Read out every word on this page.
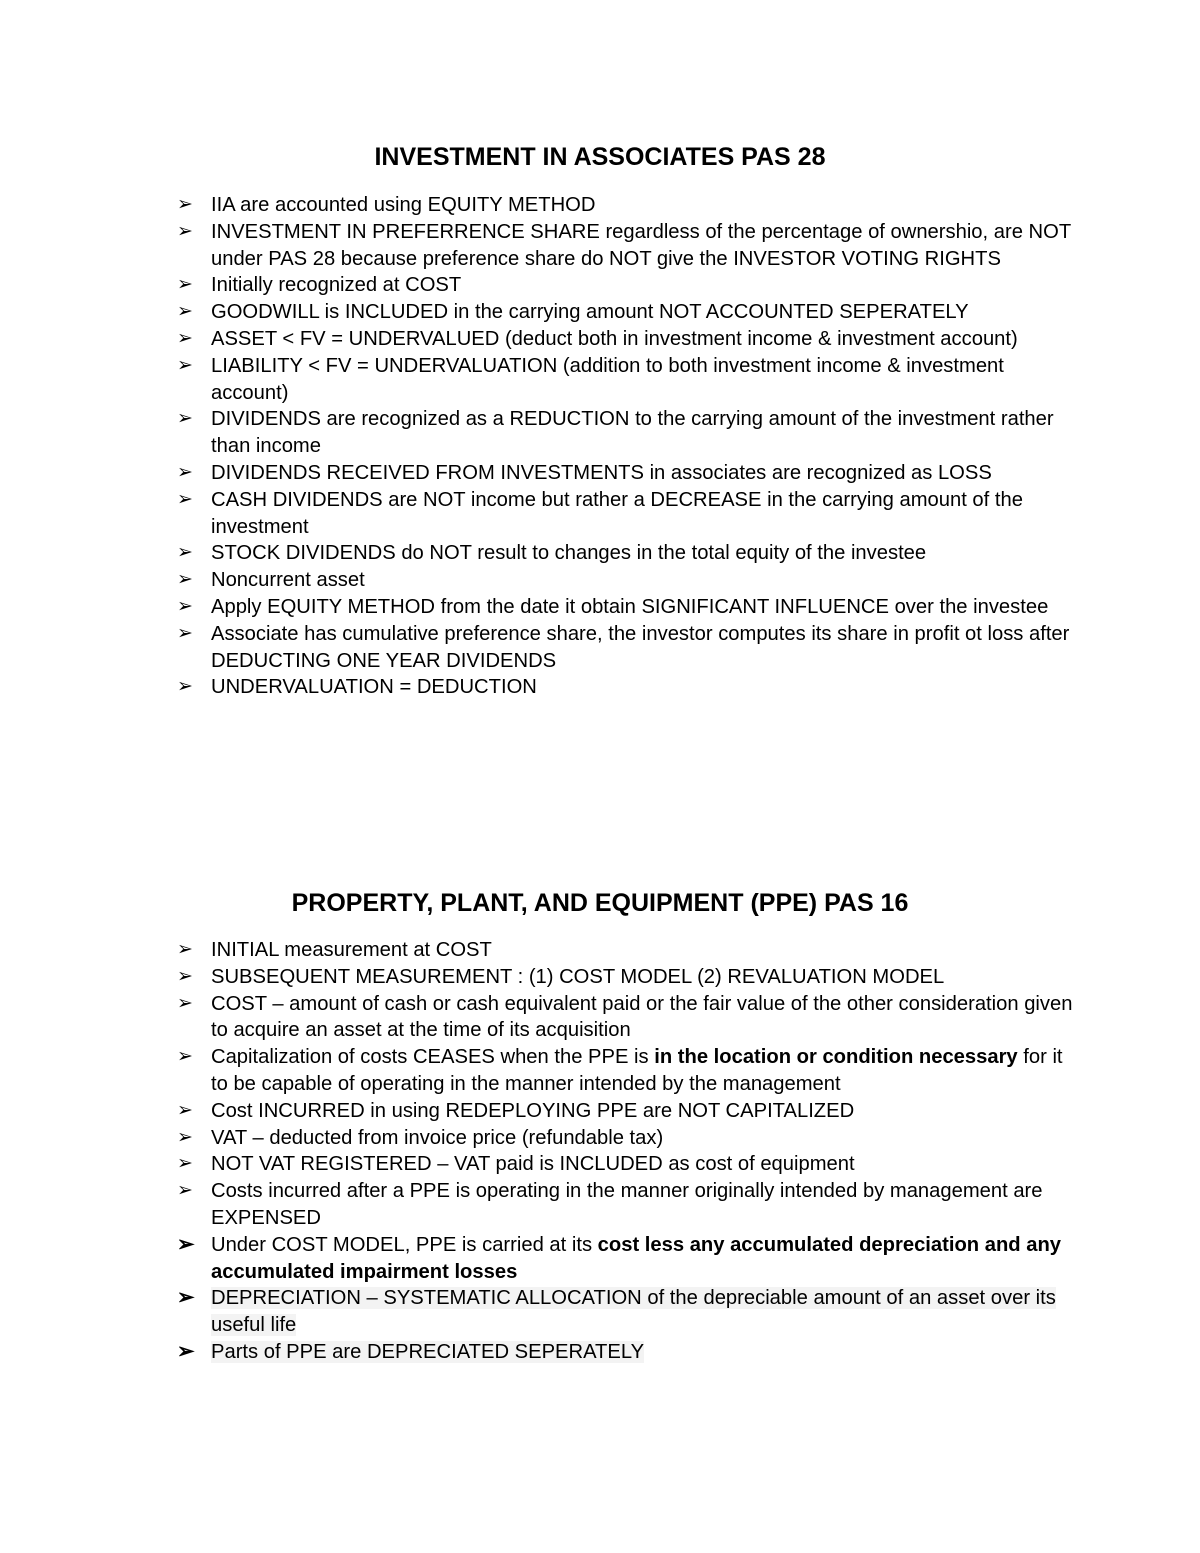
INVESTMENT IN ASSOCIATES PAS 28
➢ IIA are accounted using EQUITY METHOD
➢ INVESTMENT IN PREFERRENCE SHARE regardless of the percentage of ownershio, are NOT under PAS 28 because preference share do NOT give the INVESTOR VOTING RIGHTS
➢ Initially recognized at COST
➢ GOODWILL is INCLUDED in the carrying amount NOT ACCOUNTED SEPERATELY
➢ ASSET < FV = UNDERVALUED (deduct both in investment income & investment account)
➢ LIABILITY < FV = UNDERVALUATION (addition to both investment income & investment account)
➢ DIVIDENDS are recognized as a REDUCTION to the carrying amount of the investment rather than income
➢ DIVIDENDS RECEIVED FROM INVESTMENTS in associates are recognized as LOSS
➢ CASH DIVIDENDS are NOT income but rather a DECREASE in the carrying amount of the investment
➢ STOCK DIVIDENDS do NOT result to changes in the total equity of the investee
➢ Noncurrent asset
➢ Apply EQUITY METHOD from the date it obtain SIGNIFICANT INFLUENCE over the investee
➢ Associate has cumulative preference share, the investor computes its share in profit ot loss after DEDUCTING ONE YEAR DIVIDENDS
➢ UNDERVALUATION = DEDUCTION
PROPERTY, PLANT, AND EQUIPMENT (PPE) PAS 16
➢ INITIAL measurement at COST
➢ SUBSEQUENT MEASUREMENT : (1) COST MODEL (2) REVALUATION MODEL
➢ COST – amount of cash or cash equivalent paid or the fair value of the other consideration given to acquire an asset at the time of its acquisition
➢ Capitalization of costs CEASES when the PPE is in the location or condition necessary for it to be capable of operating in the manner intended by the management
➢ Cost INCURRED in using REDEPLOYING PPE are NOT CAPITALIZED
➢ VAT – deducted from invoice price (refundable tax)
➢ NOT VAT REGISTERED – VAT paid is INCLUDED as cost of equipment
➢ Costs incurred after a PPE is operating in the manner originally intended by management are EXPENSED
➢ Under COST MODEL, PPE is carried at its cost less any accumulated depreciation and any accumulated impairment losses
➢ DEPRECIATION – SYSTEMATIC ALLOCATION of the depreciable amount of an asset over its useful life
➢ Parts of PPE are DEPRECIATED SEPERATELY
